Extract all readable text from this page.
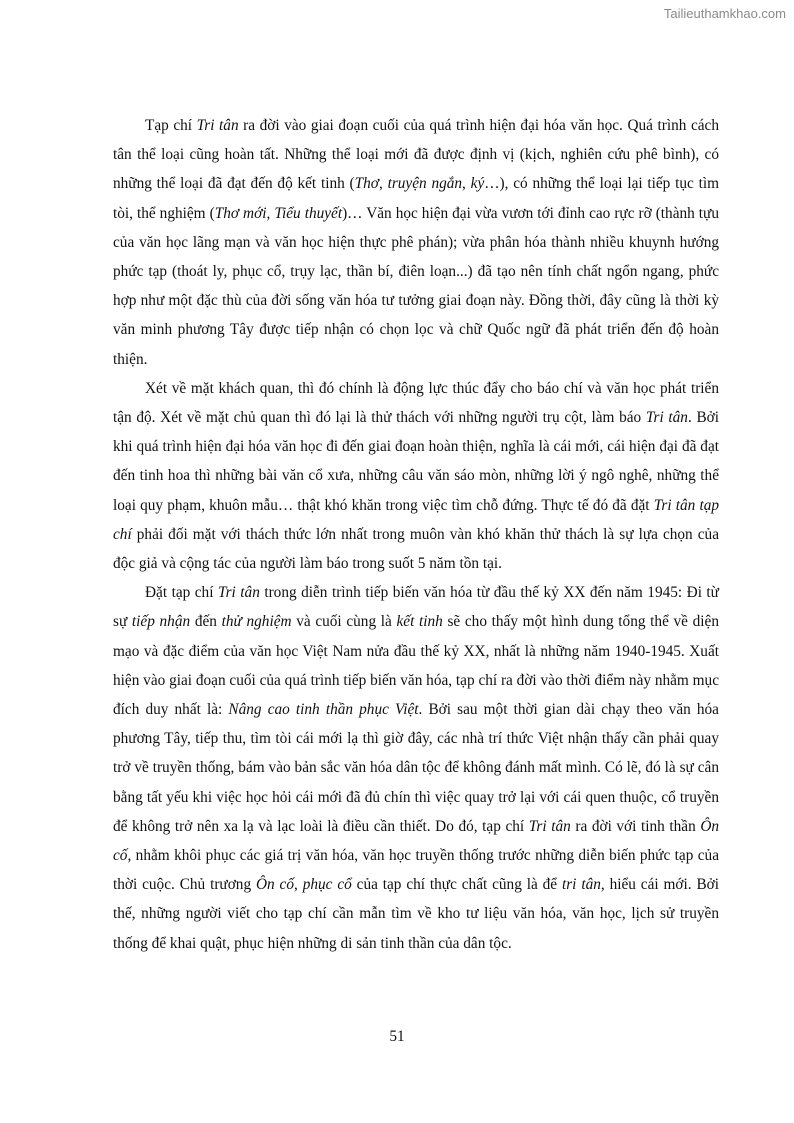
Tailieuthamkhao.com

Tạp chí Tri tân ra đời vào giai đoạn cuối của quá trình hiện đại hóa văn học. Quá trình cách tân thể loại cũng hoàn tất. Những thể loại mới đã được định vị (kịch, nghiên cứu phê bình), có những thể loại đã đạt đến độ kết tinh (Thơ, truyện ngắn, ký…), có những thể loại lại tiếp tục tìm tòi, thể nghiệm (Thơ mới, Tiểu thuyết)… Văn học hiện đại vừa vươn tới đỉnh cao rực rỡ (thành tựu của văn học lãng mạn và văn học hiện thực phê phán); vừa phân hóa thành nhiều khuynh hướng phức tạp (thoát ly, phục cổ, trụy lạc, thần bí, điên loạn...) đã tạo nên tính chất ngổn ngang, phức hợp như một đặc thù của đời sống văn hóa tư tưởng giai đoạn này. Đồng thời, đây cũng là thời kỳ văn minh phương Tây được tiếp nhận có chọn lọc và chữ Quốc ngữ đã phát triển đến độ hoàn thiện.

Xét về mặt khách quan, thì đó chính là động lực thúc đẩy cho báo chí và văn học phát triển tận độ. Xét về mặt chủ quan thì đó lại là thử thách với những người trụ cột, làm báo Tri tân. Bởi khi quá trình hiện đại hóa văn học đi đến giai đoạn hoàn thiện, nghĩa là cái mới, cái hiện đại đã đạt đến tinh hoa thì những bài văn cổ xưa, những câu văn sáo mòn, những lời ý ngô nghê, những thể loại quy phạm, khuôn mẫu… thật khó khăn trong việc tìm chỗ đứng. Thực tế đó đã đặt Tri tân tạp chí phải đối mặt với thách thức lớn nhất trong muôn vàn khó khăn thử thách là sự lựa chọn của độc giả và cộng tác của người làm báo trong suốt 5 năm tồn tại.

Đặt tạp chí Tri tân trong diễn trình tiếp biến văn hóa từ đầu thế kỷ XX đến năm 1945: Đi từ sự tiếp nhận đến thử nghiệm và cuối cùng là kết tinh sẽ cho thấy một hình dung tổng thể về diện mạo và đặc điểm của văn học Việt Nam nửa đầu thế kỷ XX, nhất là những năm 1940-1945. Xuất hiện vào giai đoạn cuối của quá trình tiếp biến văn hóa, tạp chí ra đời vào thời điểm này nhằm mục đích duy nhất là: Nâng cao tinh thần phục Việt. Bởi sau một thời gian dài chạy theo văn hóa phương Tây, tiếp thu, tìm tòi cái mới lạ thì giờ đây, các nhà trí thức Việt nhận thấy cần phải quay trở về truyền thống, bám vào bản sắc văn hóa dân tộc để không đánh mất mình. Có lẽ, đó là sự cân bằng tất yếu khi việc học hỏi cái mới đã đủ chín thì việc quay trở lại với cái quen thuộc, cổ truyền để không trở nên xa lạ và lạc loài là điều cần thiết. Do đó, tạp chí Tri tân ra đời với tinh thần Ôn cố, nhằm khôi phục các giá trị văn hóa, văn học truyền thống trước những diễn biến phức tạp của thời cuộc. Chủ trương Ôn cố, phục cổ của tạp chí thực chất cũng là để tri tân, hiểu cái mới. Bởi thế, những người viết cho tạp chí cần mẫn tìm về kho tư liệu văn hóa, văn học, lịch sử truyền thống để khai quật, phục hiện những di sản tinh thần của dân tộc.

51
